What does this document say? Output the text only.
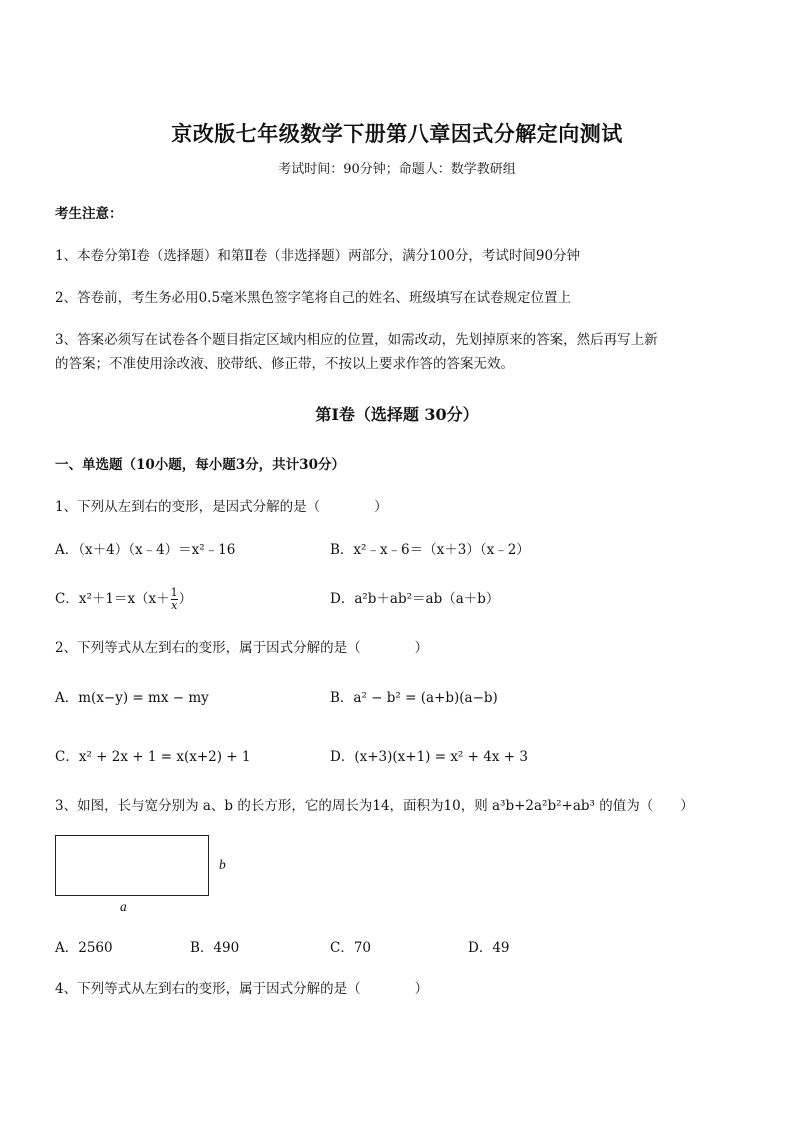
京改版七年级数学下册第八章因式分解定向测试
考试时间：90分钟；命题人：数学教研组
考生注意：
1、本卷分第Ⅰ卷（选择题）和第Ⅱ卷（非选择题）两部分，满分100分，考试时间90分钟
2、答卷前，考生务必用0.5毫米黑色签字笔将自己的姓名、班级填写在试卷规定位置上
3、答案必须写在试卷各个题目指定区域内相应的位置，如需改动，先划掉原来的答案，然后再写上新
的答案；不准使用涂改液、胶带纸、修正带，不按以上要求作答的答案无效。
第Ⅰ卷（选择题 30分）
一、单选题（10小题，每小题3分，共计30分）
1、下列从左到右的变形，是因式分解的是（　　　　）
A．（x＋4）（x﹣4）＝x²﹣16	B．x²﹣x﹣6＝（x＋3）（x﹣2）
C．$x^2+1=x(x+ \frac{1}{x}$ ）	D．a²b＋ab²＝ab（a＋b）
2、下列等式从左到右的变形，属于因式分解的是（　　　　）
A．m(x−y) = mx − my	B．a² − b² = (a+b)(a−b)
C．x² + 2x + 1 = x(x+2) + 1	D．(x+3)(x+1) = x² + 4x + 3
3、如图，长与宽分别为 a、b 的长方形，它的周长为14，面积为10，则 a³b+2a²b²+ab³ 的值为（　　）
b
a
A．2560	B．490	C．70	D．49
4、下列等式从左到右的变形，属于因式分解的是（　　　　）
